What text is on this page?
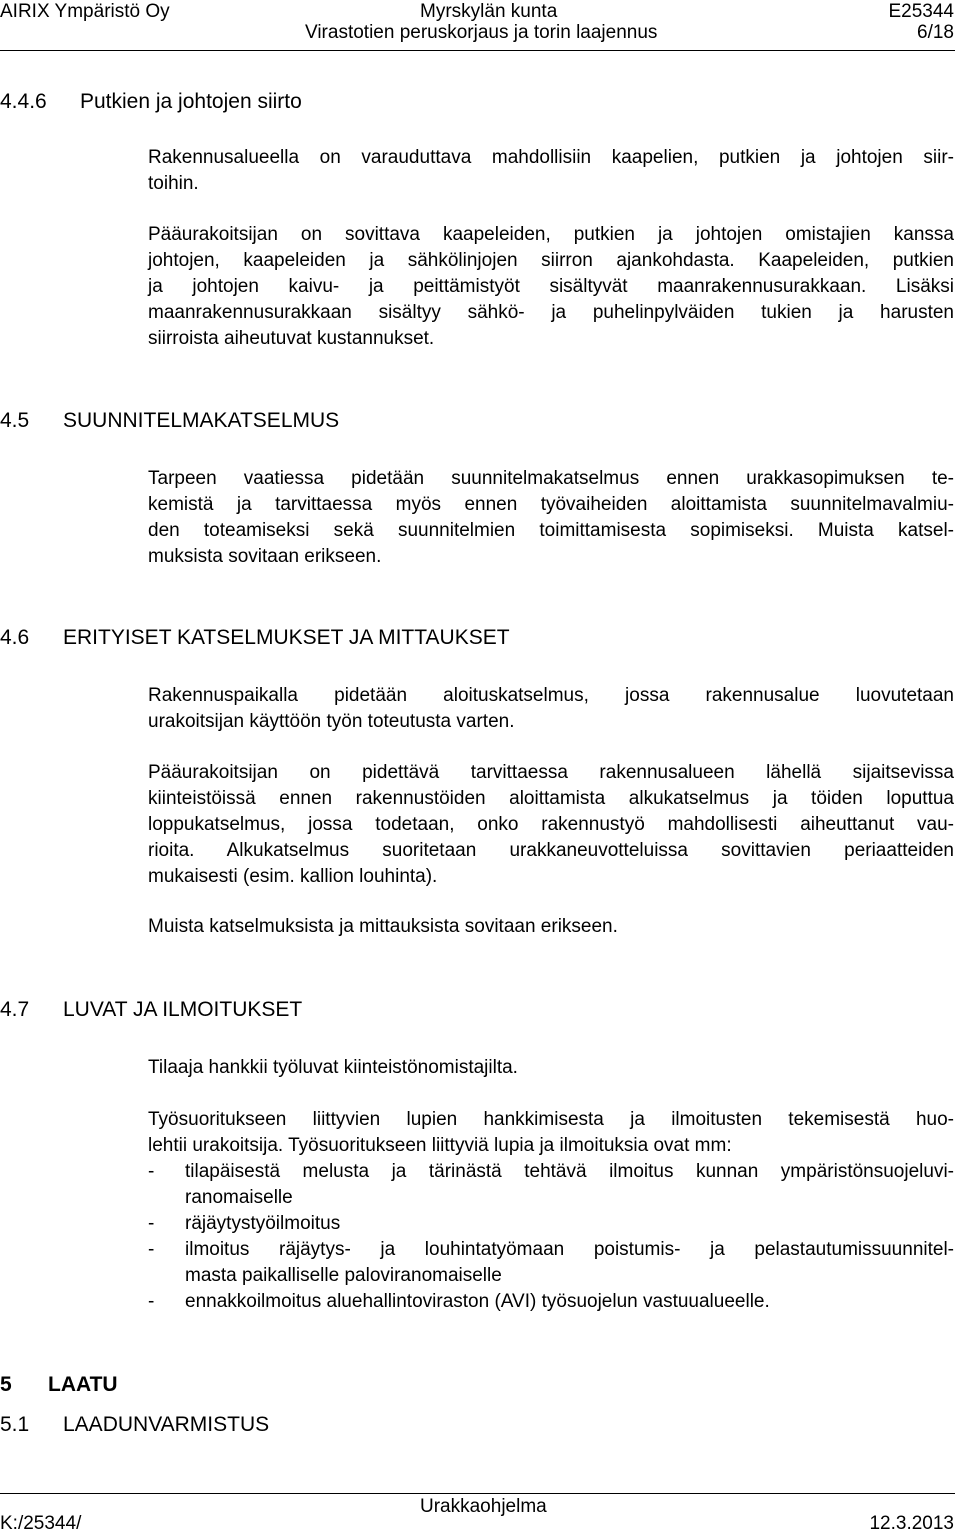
AIRIX Ympäristö Oy	Myrskylän kunta	E25344
Virastotien peruskorjaus ja torin laajennus	6/18
4.4.6 Putkien ja johtojen siirto
Rakennusalueella on varauduttava mahdollisiin kaapelien, putkien ja johtojen siir-
toihin.
Pääurakoitsijan on sovittava kaapeleiden, putkien ja johtojen omistajien kanssa
johtojen, kaapeleiden ja sähkölinjojen siirron ajankohdasta. Kaapeleiden, putkien
ja johtojen kaivu- ja peittämistyöt sisältyvät maanrakennusurakkaan. Lisäksi
maanrakennusurakkaan sisältyy sähkö- ja puhelinpylväiden tukien ja harusten
siirroista aiheutuvat kustannukset.
4.5 SUUNNITELMAKATSELMUS
Tarpeen vaatiessa pidetään suunnitelmakatselmus ennen urakkasopimuksen te-
kemistä ja tarvittaessa myös ennen työvaiheiden aloittamista suunnitelmavalmiu-
den toteamiseksi sekä suunnitelmien toimittamisesta sopimiseksi. Muista katsel-
muksista sovitaan erikseen.
4.6 ERITYISET KATSELMUKSET JA MITTAUKSET
Rakennuspaikalla pidetään aloituskatselmus, jossa rakennusalue luovutetaan
urakoitsijan käyttöön työn toteutusta varten.
Pääurakoitsijan on pidettävä tarvittaessa rakennusalueen lähellä sijaitsevissa
kiinteistöissä ennen rakennustöiden aloittamista alkukatselmus ja töiden loputtua
loppukatselmus, jossa todetaan, onko rakennustyö mahdollisesti aiheuttanut vau-
rioita. Alkukatselmus suoritetaan urakkaneuvotteluissa sovittavien periaatteiden
mukaisesti (esim. kallion louhinta).
Muista katselmuksista ja mittauksista sovitaan erikseen.
4.7 LUVAT JA ILMOITUKSET
Tilaaja hankkii työluvat kiinteistönomistajilta.
Työsuoritukseen liittyvien lupien hankkimisesta ja ilmoitusten tekemisestä huo-
lehtii urakoitsija. Työsuoritukseen liittyviä lupia ja ilmoituksia ovat mm:
- tilapäisestä melusta ja tärinästä tehtävä ilmoitus kunnan ympäristönsuojeluvi-
ranomaiselle
- räjäytystyöilmoitus
- ilmoitus räjäytys- ja louhintatyömaan poistumis- ja pelastautumissuunnitel-
masta paikalliselle paloviranomaiselle
- ennakkoilmoitus aluehallintoviraston (AVI) työsuojelun vastuualueelle.
5 LAATU
5.1 LAADUNVARMISTUS
Urakkaohjelma
K:/25344/	12.3.2013
